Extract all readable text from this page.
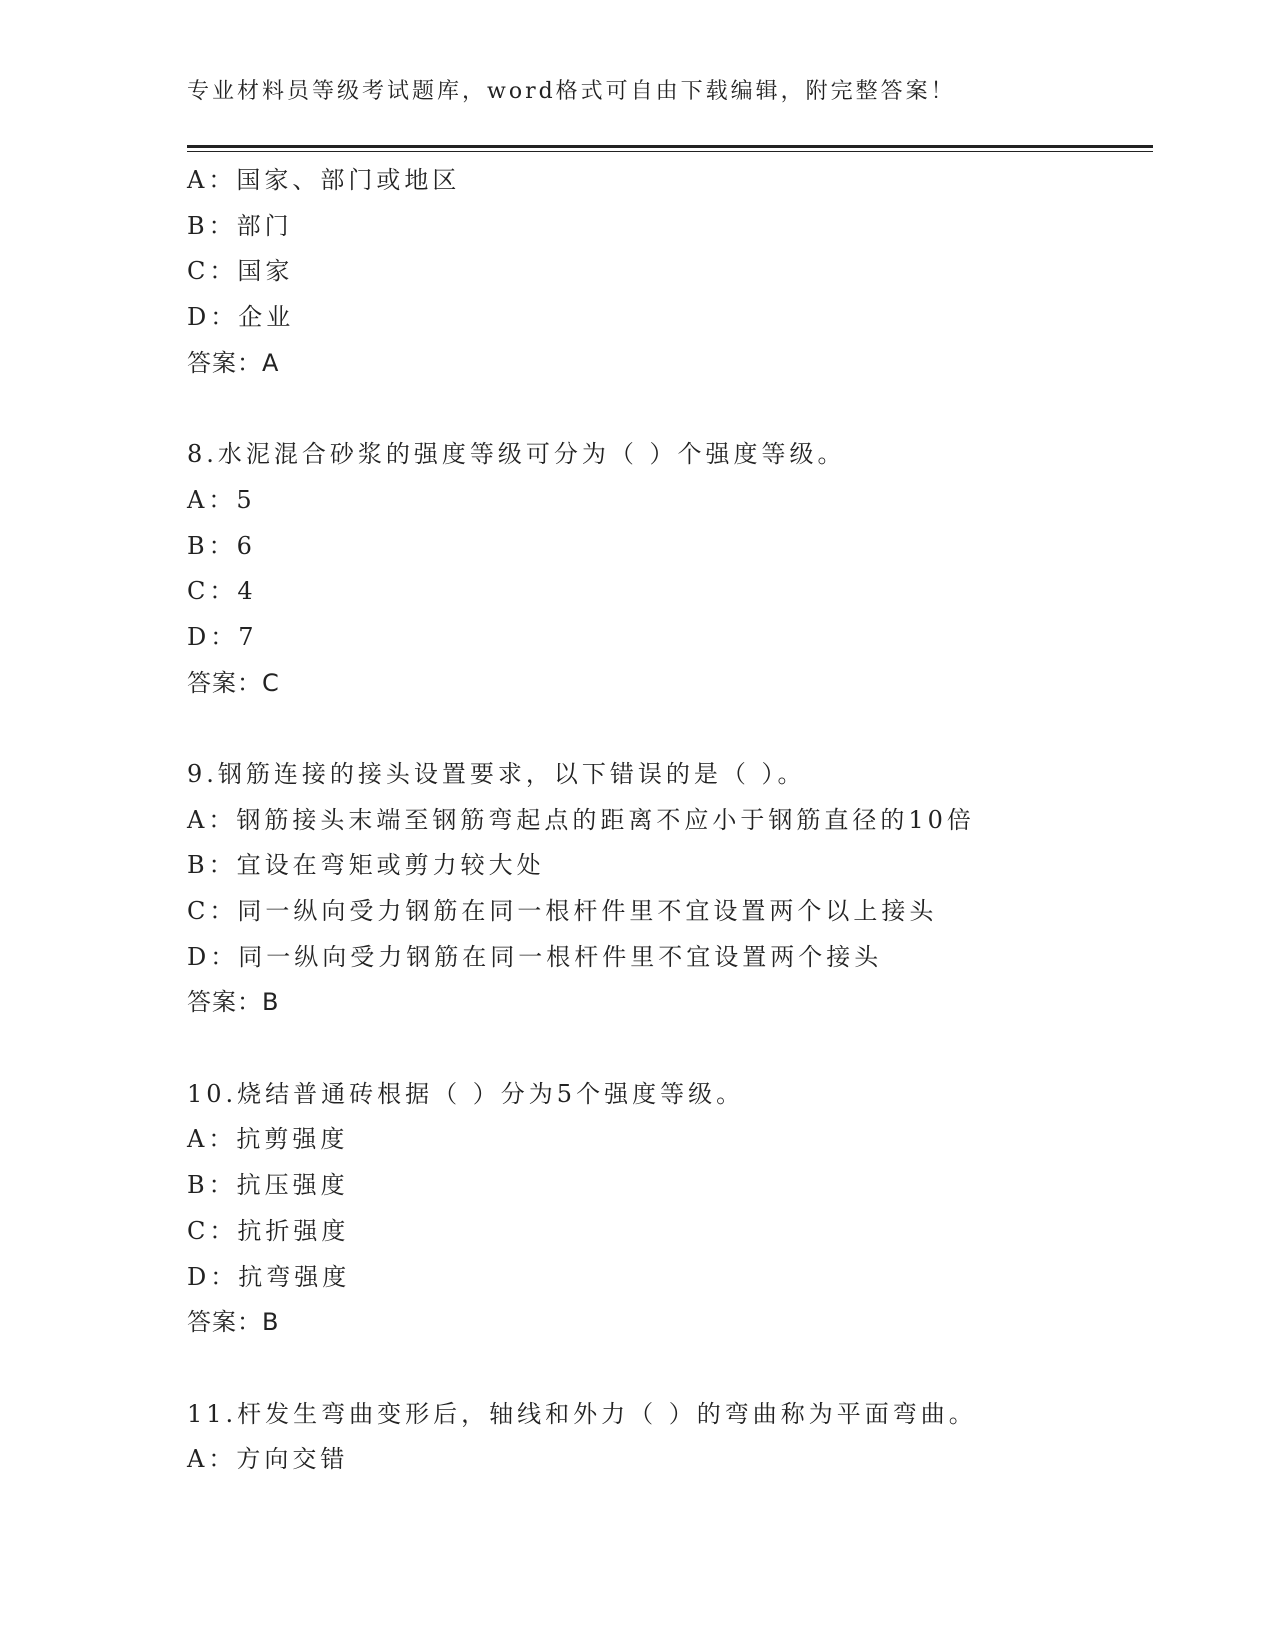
专业材料员等级考试题库，word格式可自由下载编辑，附完整答案！
A：国家、部门或地区
B：部门
C：国家
D：企业
答案：A
8.水泥混合砂浆的强度等级可分为（ ）个强度等级。
A：5
B：6
C：4
D：7
答案：C
9.钢筋连接的接头设置要求，以下错误的是（ ）。
A：钢筋接头末端至钢筋弯起点的距离不应小于钢筋直径的10倍
B：宜设在弯矩或剪力较大处
C：同一纵向受力钢筋在同一根杆件里不宜设置两个以上接头
D：同一纵向受力钢筋在同一根杆件里不宜设置两个接头
答案：B
10.烧结普通砖根据（ ）分为5个强度等级。
A：抗剪强度
B：抗压强度
C：抗折强度
D：抗弯强度
答案：B
11.杆发生弯曲变形后，轴线和外力（ ）的弯曲称为平面弯曲。
A：方向交错
